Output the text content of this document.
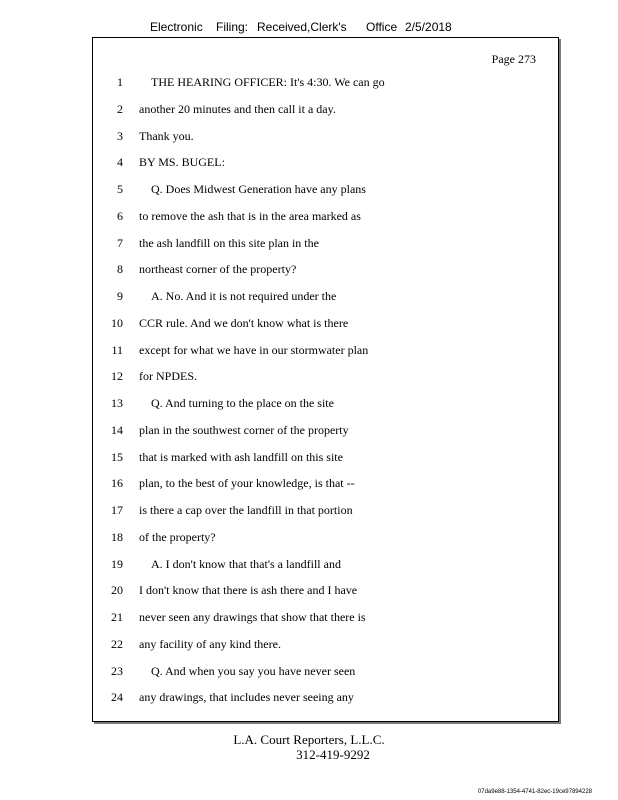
Electronic Filing: Received,Clerk's Office 2/5/2018
Page 273
1 THE HEARING OFFICER: It's 4:30. We can go
2 another 20 minutes and then call it a day.
3 Thank you.
4 BY MS. BUGEL:
5 Q. Does Midwest Generation have any plans
6 to remove the ash that is in the area marked as
7 the ash landfill on this site plan in the
8 northeast corner of the property?
9 A. No. And it is not required under the
10 CCR rule. And we don't know what is there
11 except for what we have in our stormwater plan
12 for NPDES.
13 Q. And turning to the place on the site
14 plan in the southwest corner of the property
15 that is marked with ash landfill on this site
16 plan, to the best of your knowledge, is that --
17 is there a cap over the landfill in that portion
18 of the property?
19 A. I don't know that that's a landfill and
20 I don't know that there is ash there and I have
21 never seen any drawings that show that there is
22 any facility of any kind there.
23 Q. And when you say you have never seen
24 any drawings, that includes never seeing any
L.A. Court Reporters, L.L.C.
312-419-9292
07da9e88-1354-4741-82ec-19ce97894228
